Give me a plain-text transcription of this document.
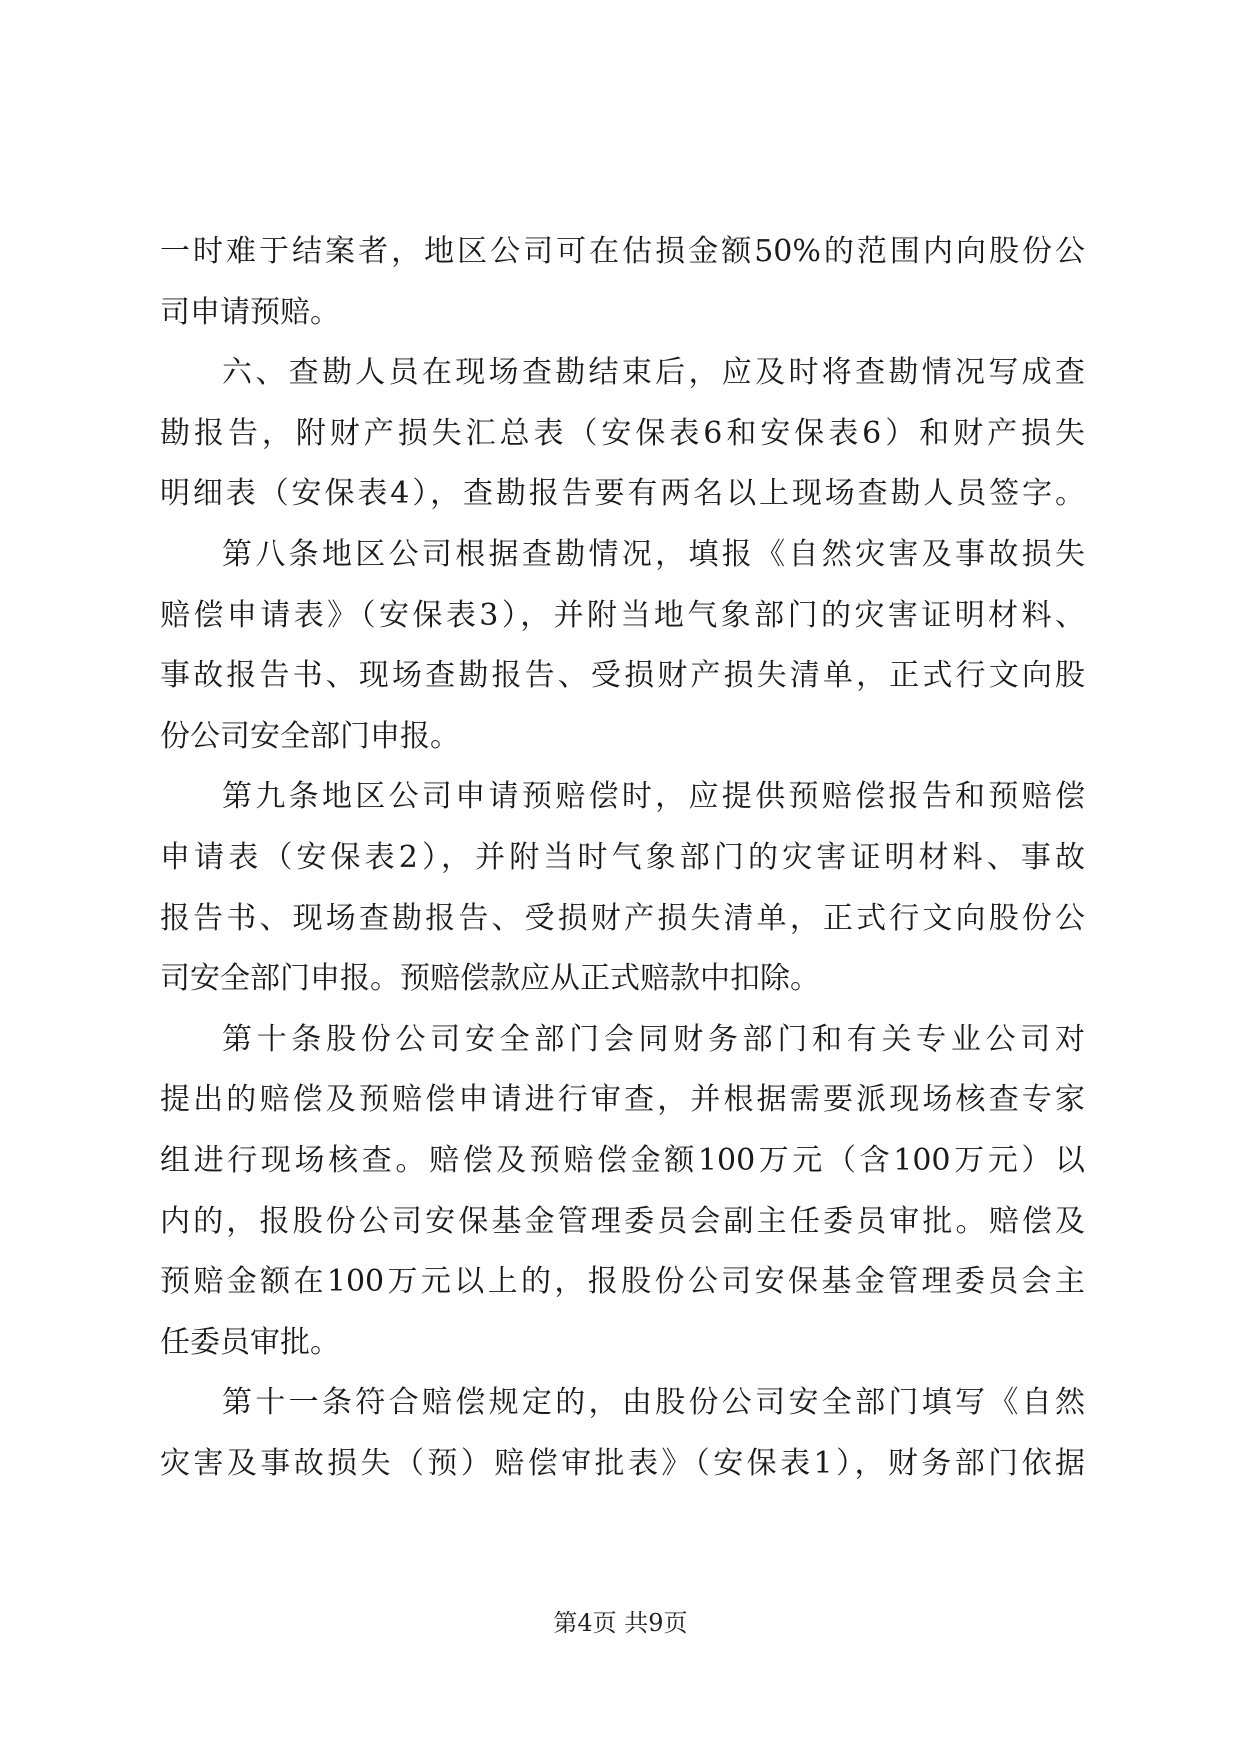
一时难于结案者，地区公司可在估损金额50%的范围内向股份公
司申请预赔。
六、查勘人员在现场查勘结束后，应及时将查勘情况写成查
勘报告，附财产损失汇总表（安保表6和安保表6）和财产损失
明细表（安保表4），查勘报告要有两名以上现场查勘人员签字。
第八条地区公司根据查勘情况，填报《自然灾害及事故损失
赔偿申请表》（安保表3），并附当地气象部门的灾害证明材料、
事故报告书、现场查勘报告、受损财产损失清单，正式行文向股
份公司安全部门申报。
第九条地区公司申请预赔偿时，应提供预赔偿报告和预赔偿
申请表（安保表2），并附当时气象部门的灾害证明材料、事故
报告书、现场查勘报告、受损财产损失清单，正式行文向股份公
司安全部门申报。预赔偿款应从正式赔款中扣除。
第十条股份公司安全部门会同财务部门和有关专业公司对
提出的赔偿及预赔偿申请进行审查，并根据需要派现场核查专家
组进行现场核查。赔偿及预赔偿金额100万元（含100万元）以
内的，报股份公司安保基金管理委员会副主任委员审批。赔偿及
预赔金额在100万元以上的，报股份公司安保基金管理委员会主
任委员审批。
第十一条符合赔偿规定的，由股份公司安全部门填写《自然
灾害及事故损失（预）赔偿审批表》（安保表1），财务部门依据
第4页 共9页
